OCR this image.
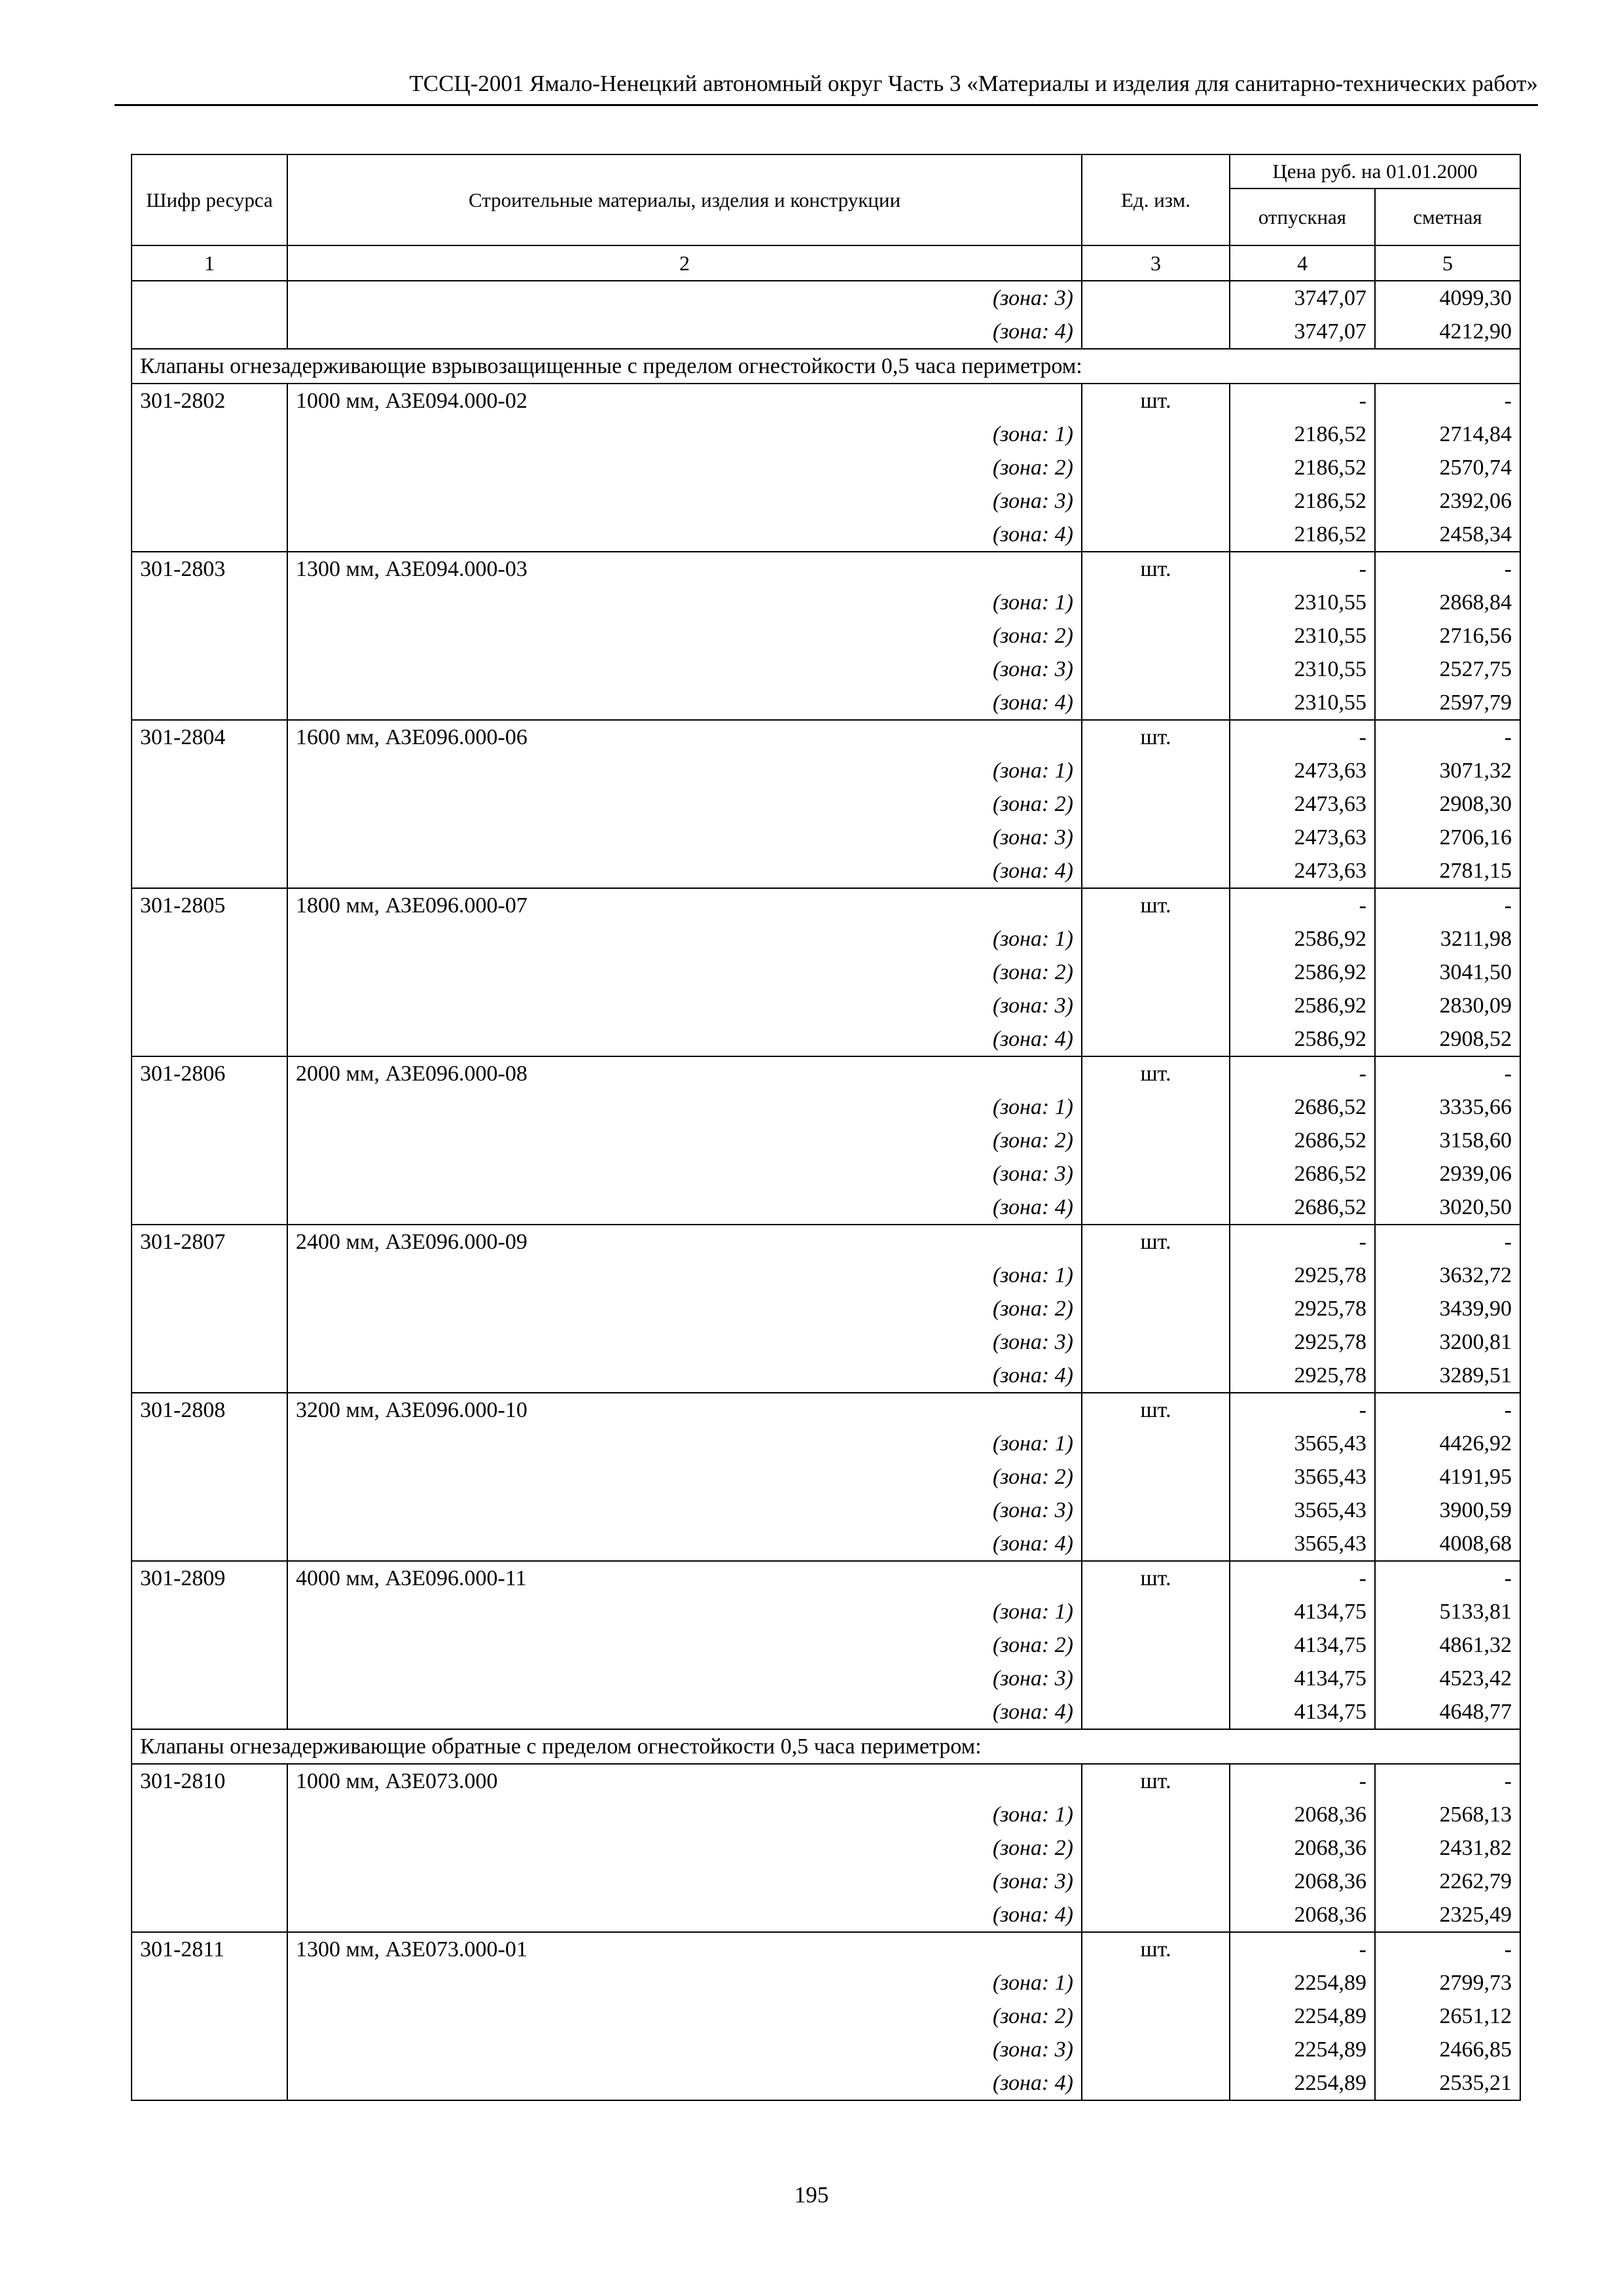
ТССЦ-2001 Ямало-Ненецкий автономный округ Часть 3 «Материалы и изделия для санитарно-технических работ»
Шифр ресурса	Строительные материалы, изделия и конструкции	Ед. изм.	Цена руб. на 01.01.2000	
			отпускная	сметная
1	2	3	4	5
	(зона: 3)		3747,07	4099,30
	(зона: 4)		3747,07	4212,90
Клапаны огнезадерживающие взрывозащищенные с пределом огнестойкости 0,5 часа периметром:				
301-2802	1000 мм, АЗЕ094.000-02	шт.	-	-
	(зона: 1)		2186,52	2714,84
	(зона: 2)		2186,52	2570,74
	(зона: 3)		2186,52	2392,06
	(зона: 4)		2186,52	2458,34
301-2803	1300 мм, АЗЕ094.000-03	шт.	-	-
	(зона: 1)		2310,55	2868,84
	(зона: 2)		2310,55	2716,56
	(зона: 3)		2310,55	2527,75
	(зона: 4)		2310,55	2597,79
301-2804	1600 мм, АЗЕ096.000-06	шт.	-	-
	(зона: 1)		2473,63	3071,32
	(зона: 2)		2473,63	2908,30
	(зона: 3)		2473,63	2706,16
	(зона: 4)		2473,63	2781,15
301-2805	1800 мм, АЗЕ096.000-07	шт.	-	-
	(зона: 1)		2586,92	3211,98
	(зона: 2)		2586,92	3041,50
	(зона: 3)		2586,92	2830,09
	(зона: 4)		2586,92	2908,52
301-2806	2000 мм, АЗЕ096.000-08	шт.	-	-
	(зона: 1)		2686,52	3335,66
	(зона: 2)		2686,52	3158,60
	(зона: 3)		2686,52	2939,06
	(зона: 4)		2686,52	3020,50
301-2807	2400 мм, АЗЕ096.000-09	шт.	-	-
	(зона: 1)		2925,78	3632,72
	(зона: 2)		2925,78	3439,90
	(зона: 3)		2925,78	3200,81
	(зона: 4)		2925,78	3289,51
301-2808	3200 мм, АЗЕ096.000-10	шт.	-	-
	(зона: 1)		3565,43	4426,92
	(зона: 2)		3565,43	4191,95
	(зона: 3)		3565,43	3900,59
	(зона: 4)		3565,43	4008,68
301-2809	4000 мм, АЗЕ096.000-11	шт.	-	-
	(зона: 1)		4134,75	5133,81
	(зона: 2)		4134,75	4861,32
	(зона: 3)		4134,75	4523,42
	(зона: 4)		4134,75	4648,77
Клапаны огнезадерживающие обратные с пределом огнестойкости 0,5 часа периметром:				
301-2810	1000 мм, АЗЕ073.000	шт.	-	-
	(зона: 1)		2068,36	2568,13
	(зона: 2)		2068,36	2431,82
	(зона: 3)		2068,36	2262,79
	(зона: 4)		2068,36	2325,49
301-2811	1300 мм, АЗЕ073.000-01	шт.	-	-
	(зона: 1)		2254,89	2799,73
	(зона: 2)		2254,89	2651,12
	(зона: 3)		2254,89	2466,85
	(зона: 4)		2254,89	2535,21
195
